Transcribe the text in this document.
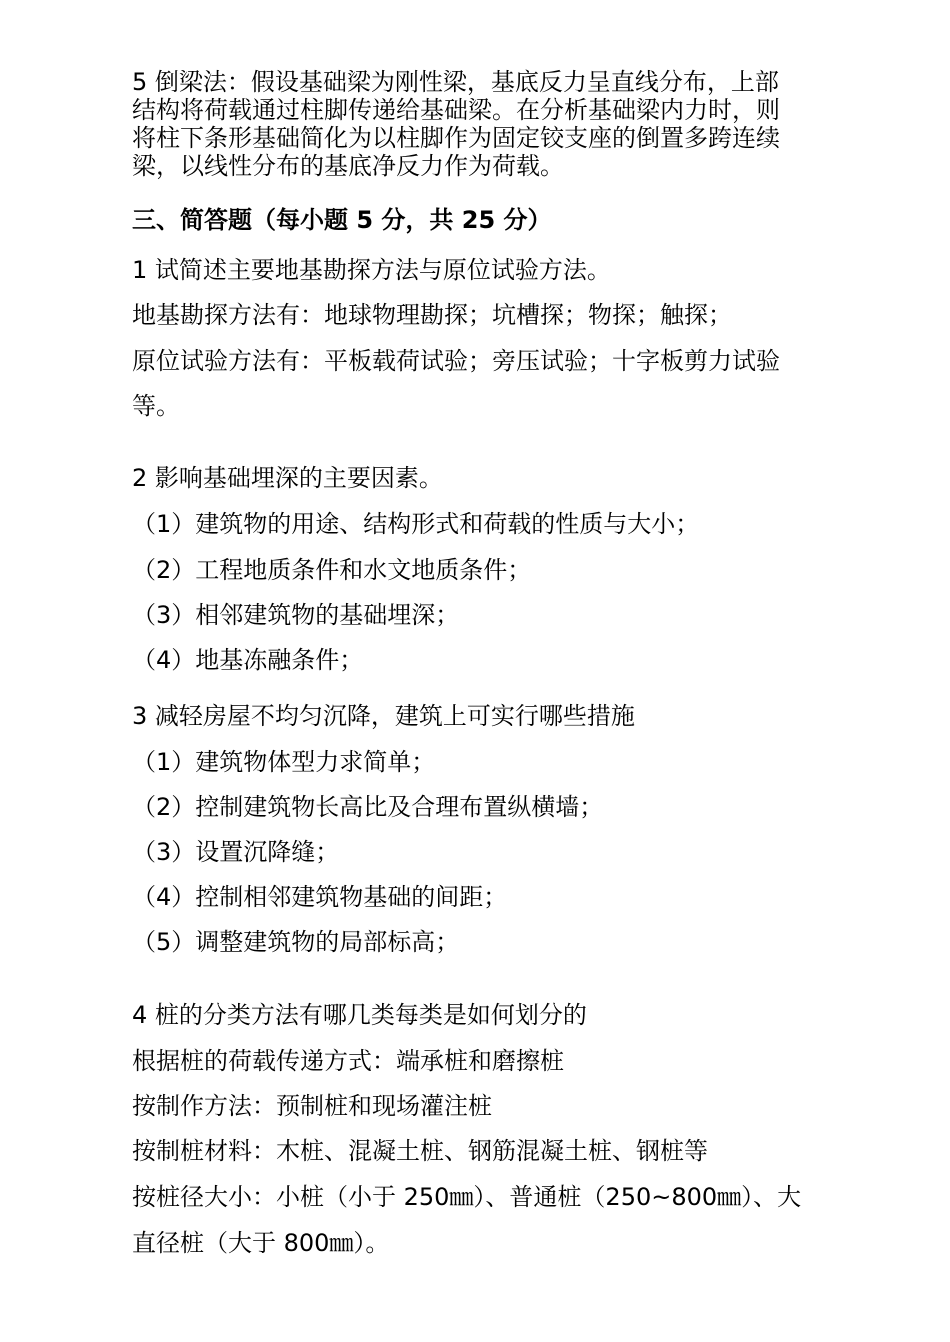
5 倒梁法：假设基础梁为刚性梁，基底反力呈直线分布，上部
结构将荷载通过柱脚传递给基础梁。在分析基础梁内力时，则
将柱下条形基础简化为以柱脚作为固定铰支座的倒置多跨连续
梁，以线性分布的基底净反力作为荷载。
三、简答题（每小题 5 分，共 25 分）
1 试简述主要地基勘探方法与原位试验方法。
地基勘探方法有：地球物理勘探；坑槽探；物探；触探；
原位试验方法有：平板载荷试验；旁压试验；十字板剪力试验
等。
2 影响基础埋深的主要因素。
（1）建筑物的用途、结构形式和荷载的性质与大小；
（2）工程地质条件和水文地质条件；
（3）相邻建筑物的基础埋深；
（4）地基冻融条件；
3 减轻房屋不均匀沉降，建筑上可实行哪些措施
（1）建筑物体型力求简单；
（2）控制建筑物长高比及合理布置纵横墙；
（3）设置沉降缝；
（4）控制相邻建筑物基础的间距；
（5）调整建筑物的局部标高；
4 桩的分类方法有哪几类每类是如何划分的
根据桩的荷载传递方式：端承桩和磨擦桩
按制作方法：预制桩和现场灌注桩
按制桩材料：木桩、混凝土桩、钢筋混凝土桩、钢桩等
按桩径大小：小桩（小于 250㎜）、普通桩（250~800㎜）、大
直径桩（大于 800㎜）。
